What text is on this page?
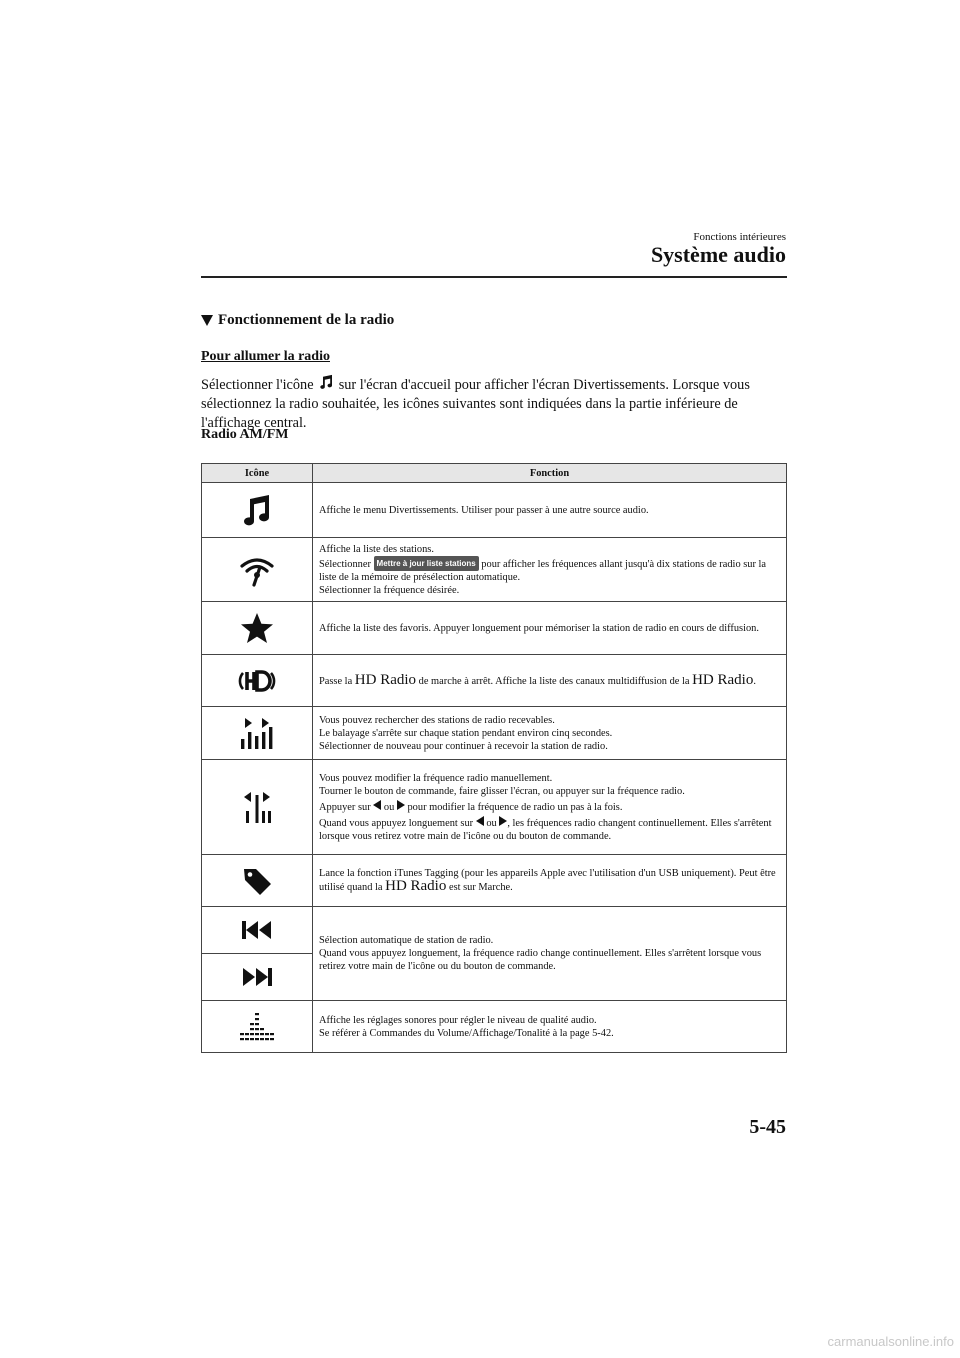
Fonctions intérieures
Système audio
Fonctionnement de la radio
Pour allumer la radio
Sélectionner l'icône sur l'écran d'accueil pour afficher l'écran Divertissements. Lorsque vous sélectionnez la radio souhaitée, les icônes suivantes sont indiquées dans la partie inférieure de l'affichage central.
Radio AM/FM
Icône	Fonction

	Affiche le menu Divertissements. Utiliser pour passer à une autre source audio.

Affiche la liste des stations.
Sélectionner Mettre à jour liste stations pour afficher les fréquences allant jusqu'à dix stations de radio sur la liste de la mémoire de présélection automatique.
Sélectionner la fréquence désirée.

	Affiche la liste des favoris. Appuyer longuement pour mémoriser la station de radio en cours de diffusion.

	Passe la HD Radio de marche à arrêt. Affiche la liste des canaux multidiffusion de la HD Radio.

Vous pouvez rechercher des stations de radio recevables.
Le balayage s'arrête sur chaque station pendant environ cinq secondes.
Sélectionner de nouveau pour continuer à recevoir la station de radio.

Vous pouvez modifier la fréquence radio manuellement.
Tourner le bouton de commande, faire glisser l'écran, ou appuyer sur la fréquence radio.
Appuyer sur ou pour modifier la fréquence de radio un pas à la fois.
Quand vous appuyez longuement sur ou , les fréquences radio changent continuellement. Elles s'arrêtent lorsque vous retirez votre main de l'icône ou du bouton de commande.

	Lance la fonction iTunes Tagging (pour les appareils Apple avec l'utilisation d'un USB uniquement). Peut être utilisé quand la HD Radio est sur Marche.

Sélection automatique de station de radio.
Quand vous appuyez longuement, la fréquence radio change continuellement. Elles s'arrêtent lorsque vous retirez votre main de l'icône ou du bouton de commande.

Affiche les réglages sonores pour régler le niveau de qualité audio.
Se référer à Commandes du Volume/Affichage/Tonalité à la page 5-42.
5-45
carmanualsonline.info
